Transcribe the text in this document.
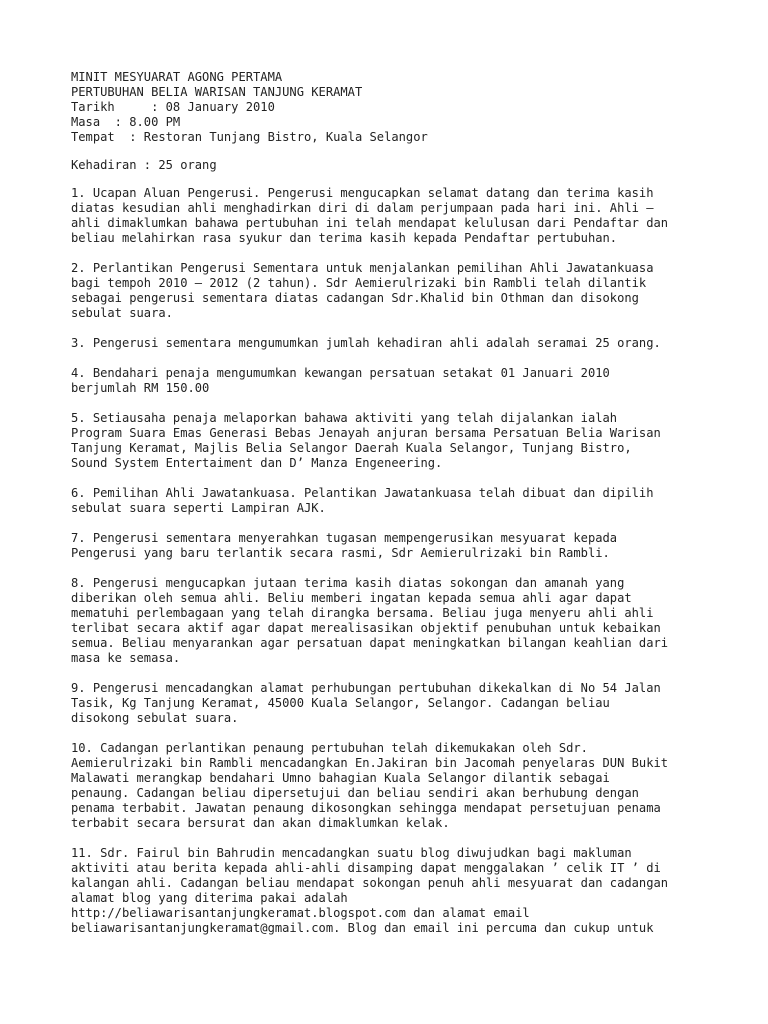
MINIT MESYUARAT AGONG PERTAMA
PERTUBUHAN BELIA WARISAN TANJUNG KERAMAT
Tarikh     : 08 January 2010
Masa  : 8.00 PM
Tempat  : Restoran Tunjang Bistro, Kuala Selangor
Kehadiran : 25 orang
1. Ucapan Aluan Pengerusi. Pengerusi mengucapkan selamat datang dan terima kasih
diatas kesudian ahli menghadirkan diri di dalam perjumpaan pada hari ini. Ahli –
ahli dimaklumkan bahawa pertubuhan ini telah mendapat kelulusan dari Pendaftar dan
beliau melahirkan rasa syukur dan terima kasih kepada Pendaftar pertubuhan.
2. Perlantikan Pengerusi Sementara untuk menjalankan pemilihan Ahli Jawatankuasa
bagi tempoh 2010 – 2012 (2 tahun). Sdr Aemierulrizaki bin Rambli telah dilantik
sebagai pengerusi sementara diatas cadangan Sdr.Khalid bin Othman dan disokong
sebulat suara.
3. Pengerusi sementara mengumumkan jumlah kehadiran ahli adalah seramai 25 orang.
4. Bendahari penaja mengumumkan kewangan persatuan setakat 01 Januari 2010
berjumlah RM 150.00
5. Setiausaha penaja melaporkan bahawa aktiviti yang telah dijalankan ialah
Program Suara Emas Generasi Bebas Jenayah anjuran bersama Persatuan Belia Warisan
Tanjung Keramat, Majlis Belia Selangor Daerah Kuala Selangor, Tunjang Bistro,
Sound System Entertaiment dan D’ Manza Engeneering.
6. Pemilihan Ahli Jawatankuasa. Pelantikan Jawatankuasa telah dibuat dan dipilih
sebulat suara seperti Lampiran AJK.
7. Pengerusi sementara menyerahkan tugasan mempengerusikan mesyuarat kepada
Pengerusi yang baru terlantik secara rasmi, Sdr Aemierulrizaki bin Rambli.
8. Pengerusi mengucapkan jutaan terima kasih diatas sokongan dan amanah yang
diberikan oleh semua ahli. Beliu memberi ingatan kepada semua ahli agar dapat
mematuhi perlembagaan yang telah dirangka bersama. Beliau juga menyeru ahli ahli
terlibat secara aktif agar dapat merealisasikan objektif penubuhan untuk kebaikan
semua. Beliau menyarankan agar persatuan dapat meningkatkan bilangan keahlian dari
masa ke semasa.
9. Pengerusi mencadangkan alamat perhubungan pertubuhan dikekalkan di No 54 Jalan
Tasik, Kg Tanjung Keramat, 45000 Kuala Selangor, Selangor. Cadangan beliau
disokong sebulat suara.
10. Cadangan perlantikan penaung pertubuhan telah dikemukakan oleh Sdr.
Aemierulrizaki bin Rambli mencadangkan En.Jakiran bin Jacomah penyelaras DUN Bukit
Malawati merangkap bendahari Umno bahagian Kuala Selangor dilantik sebagai
penaung. Cadangan beliau dipersetujui dan beliau sendiri akan berhubung dengan
penama terbabit. Jawatan penaung dikosongkan sehingga mendapat persetujuan penama
terbabit secara bersurat dan akan dimaklumkan kelak.
11. Sdr. Fairul bin Bahrudin mencadangkan suatu blog diwujudkan bagi makluman
aktiviti atau berita kepada ahli-ahli disamping dapat menggalakan ’ celik IT ’ di
kalangan ahli. Cadangan beliau mendapat sokongan penuh ahli mesyuarat dan cadangan
alamat blog yang diterima pakai adalah
http://beliawarisantanjungkeramat.blogspot.com dan alamat email
beliawarisantanjungkeramat@gmail.com. Blog dan email ini percuma dan cukup untuk
